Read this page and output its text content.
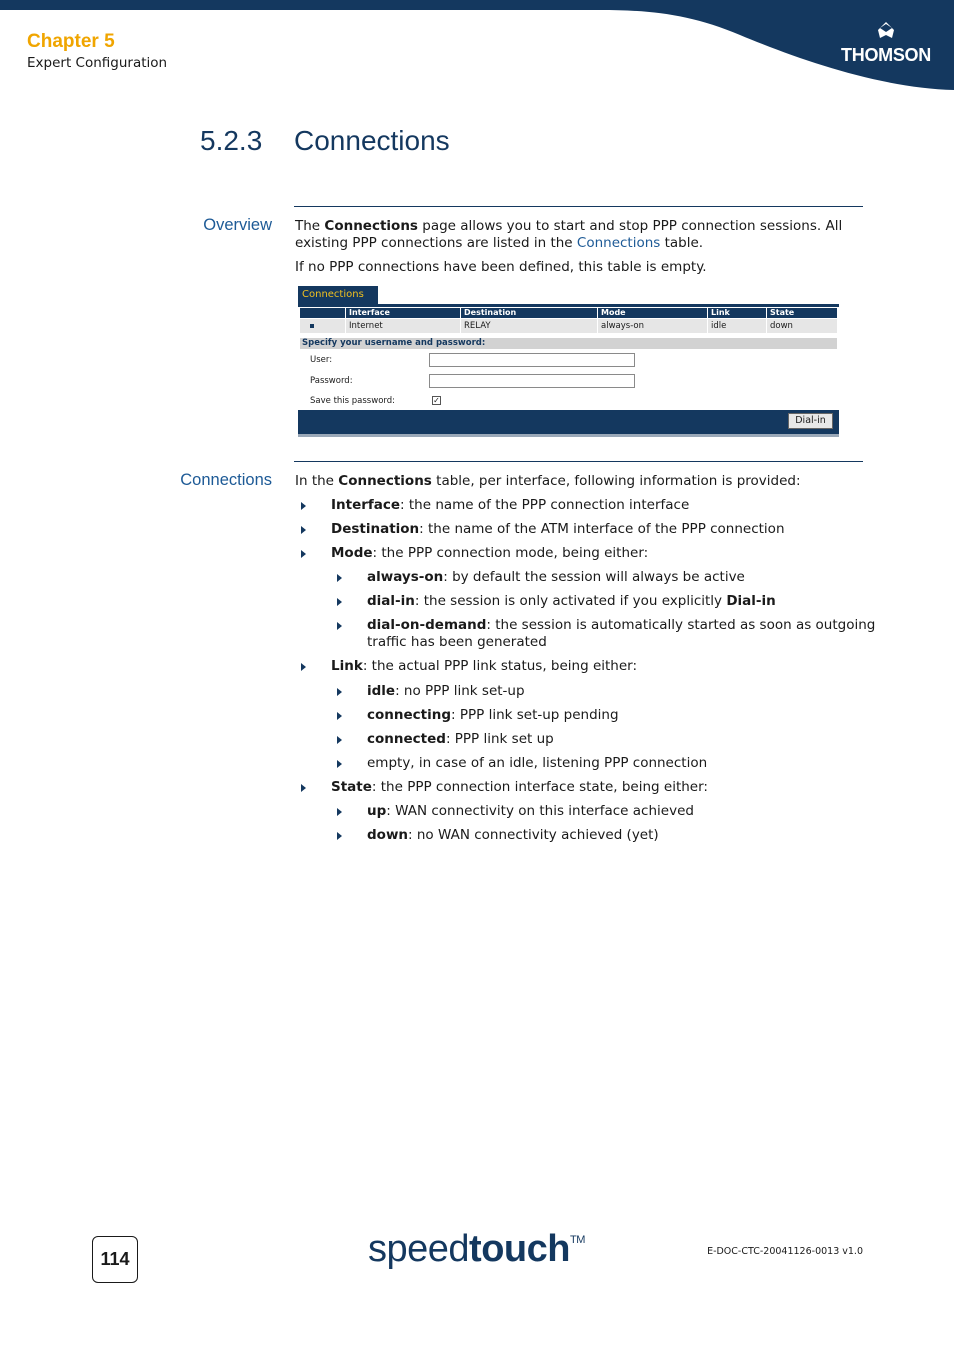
Chapter 5
Expert Configuration	THOMSON
5.2.3 Connections
Overview The Connections page allows you to start and stop PPP connection sessions. All existing PPP connections are listed in the Connections table.
If no PPP connections have been defined, this table is empty.
Connections
Interface	Destination	Mode	Link	State
Internet	RELAY	always-on	idle	down
Specify your username and password:
User:
Password:
Save this password:	✓
Dial-in
Connections In the Connections table, per interface, following information is provided:
Interface: the name of the PPP connection interface
Destination: the name of the ATM interface of the PPP connection
Mode: the PPP connection mode, being either:
always-on: by default the session will always be active
dial-in: the session is only activated if you explicitly Dial-in
dial-on-demand: the session is automatically started as soon as outgoing
traffic has been generated
Link: the actual PPP link status, being either:
idle: no PPP link set-up
connecting: PPP link set-up pending
connected: PPP link set up
empty, in case of an idle, listening PPP connection
State: the PPP connection interface state, being either:
up: WAN connectivity on this interface achieved
down: no WAN connectivity achieved (yet)
114	speedtouch™
E-DOC-CTC-20041126-0013 v1.0
